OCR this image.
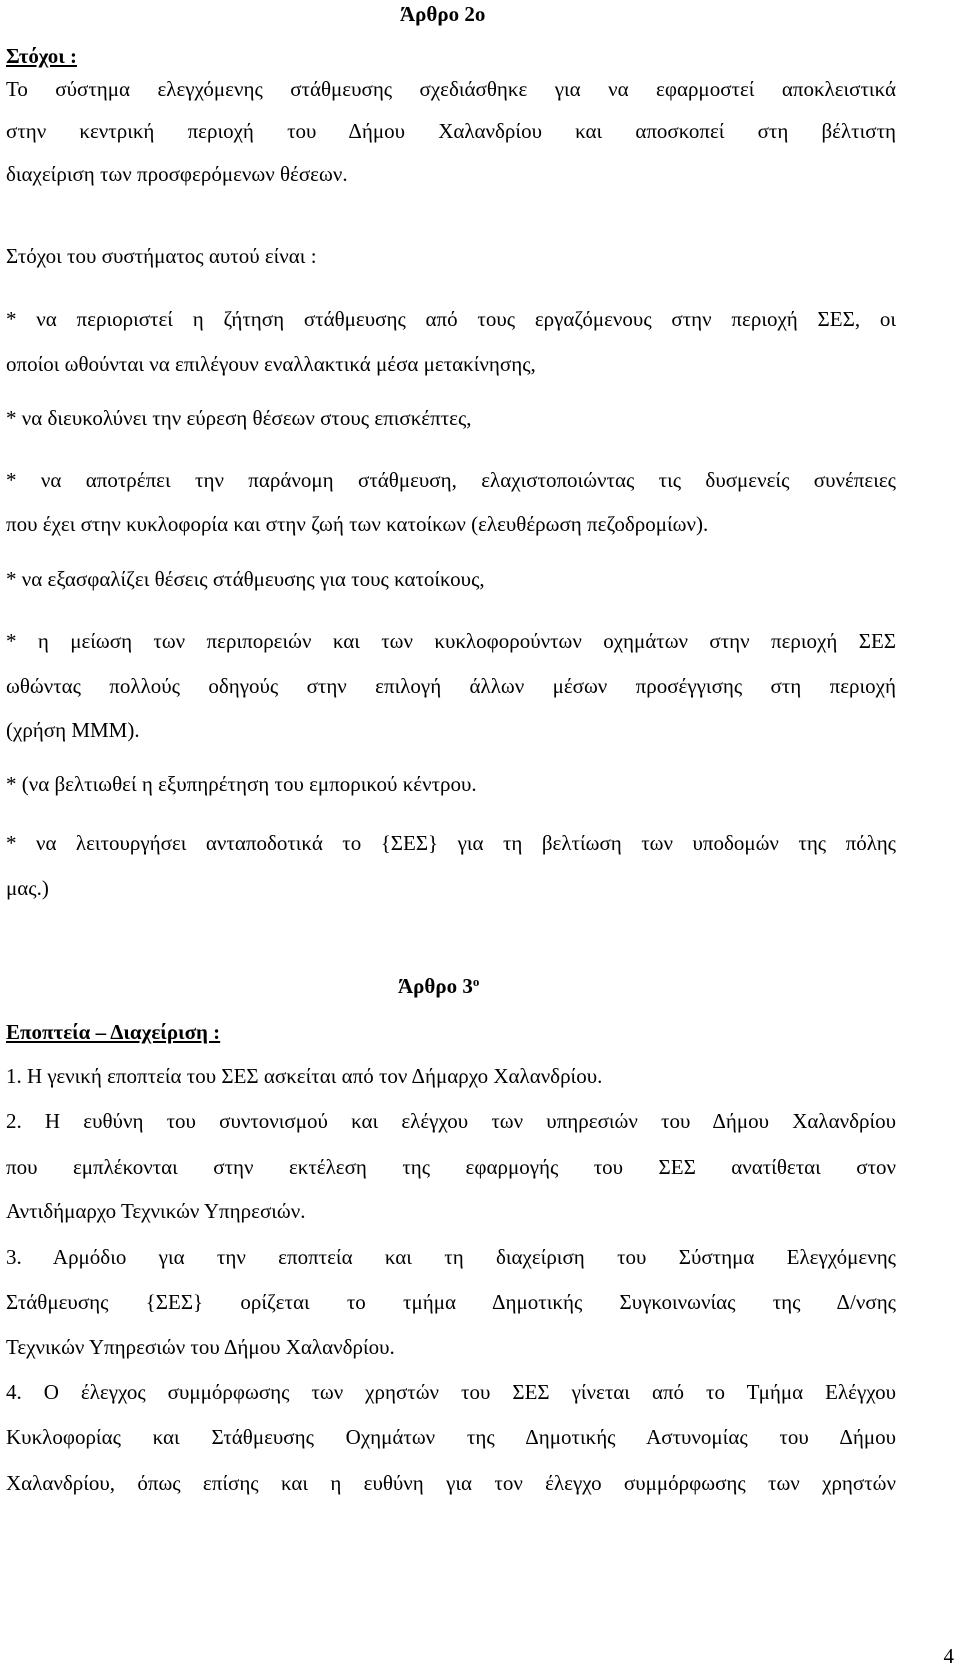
Άρθρο 2ο
Στόχοι :
Το σύστημα ελεγχόμενης στάθμευσης σχεδιάσθηκε για να εφαρμοστεί αποκλειστικά
στην κεντρική περιοχή του Δήμου Χαλανδρίου και αποσκοπεί στη βέλτιστη
διαχείριση των προσφερόμενων θέσεων.
Στόχοι του συστήματος αυτού είναι :
* να περιοριστεί η ζήτηση στάθμευσης από τους εργαζόμενους στην περιοχή ΣΕΣ, οι
οποίοι ωθούνται να επιλέγουν εναλλακτικά μέσα μετακίνησης,
* να διευκολύνει την εύρεση θέσεων στους επισκέπτες,
* να αποτρέπει την παράνομη στάθμευση, ελαχιστοποιώντας τις δυσμενείς συνέπειες
που έχει στην κυκλοφορία και στην ζωή των κατοίκων (ελευθέρωση πεζοδρομίων).
* να εξασφαλίζει θέσεις στάθμευσης για τους κατοίκους,
* η μείωση των περιπορειών και των κυκλοφορούντων οχημάτων στην περιοχή ΣΕΣ
ωθώντας πολλούς οδηγούς στην επιλογή άλλων μέσων προσέγγισης στη περιοχή
(χρήση ΜΜΜ).
* (να βελτιωθεί η εξυπηρέτηση του εμπορικού κέντρου.
* να λειτουργήσει ανταποδοτικά το {ΣΕΣ} για τη βελτίωση των υποδομών της πόλης
μας.)
Άρθρο $3^o$
Εποπτεία – Διαχείριση :
1. Η γενική εποπτεία του ΣΕΣ ασκείται από τον Δήμαρχο Χαλανδρίου.
2. Η ευθύνη του συντονισμού και ελέγχου των υπηρεσιών του Δήμου Χαλανδρίου
που εμπλέκονται στην εκτέλεση της εφαρμογής του ΣΕΣ ανατίθεται στον
Αντιδήμαρχο Τεχνικών Υπηρεσιών.
3. Αρμόδιο για την εποπτεία και τη διαχείριση του Σύστημα Ελεγχόμενης
Στάθμευσης {ΣΕΣ} ορίζεται το τμήμα Δημοτικής Συγκοινωνίας της Δ/νσης
Τεχνικών Υπηρεσιών του Δήμου Χαλανδρίου.
4. Ο έλεγχος συμμόρφωσης των χρηστών του ΣΕΣ γίνεται από το Τμήμα Ελέγχου
Κυκλοφορίας και Στάθμευσης Οχημάτων της Δημοτικής Αστυνομίας του Δήμου
Χαλανδρίου, όπως επίσης και η ευθύνη για τον έλεγχο συμμόρφωσης των χρηστών
4
